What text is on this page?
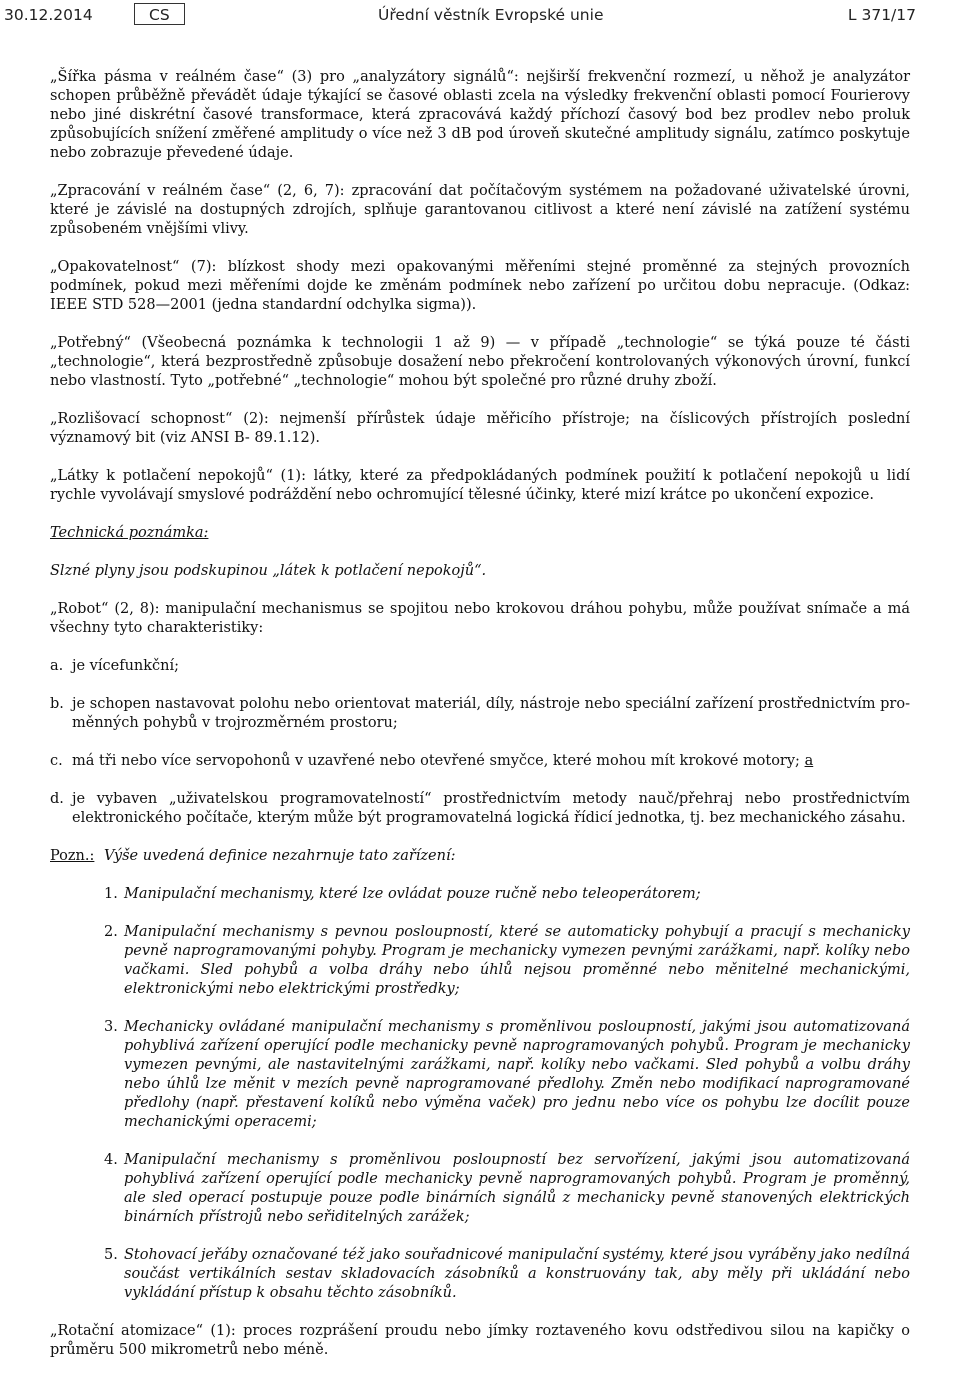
30.12.2014	CS	Úřední věstník Evropské unie	L 371/17

„Šířka pásma v reálném čase“ (3) pro „analyzátory signálů“: nejširší frekvenční rozmezí, u něhož je analyzátor schopen průběžně převádět údaje týkající se časové oblasti zcela na výsledky frekvenční oblasti pomocí Fourierovy nebo jiné diskrétní časové transformace, která zpracovává každý příchozí časový bod bez prodlev nebo proluk způsobujících snížení změřené amplitudy o více než 3 dB pod úroveň skutečné amplitudy signálu, zatímco poskytuje nebo zobrazuje převedené údaje.

„Zpracování v reálném čase“ (2, 6, 7): zpracování dat počítačovým systémem na požadované uživatelské úrovni, které je závislé na dostupných zdrojích, splňuje garantovanou citlivost a které není závislé na zatížení systému způsobeném vnějšími vlivy.

„Opakovatelnost“ (7): blízkost shody mezi opakovanými měřeními stejné proměnné za stejných provozních podmínek, pokud mezi měřeními dojde ke změnám podmínek nebo zařízení po určitou dobu nepracuje. (Odkaz: IEEE STD 528—2001 (jedna standardní odchylka sigma)).

„Potřebný“ (Všeobecná poznámka k technologii 1 až 9) — v případě „technologie“ se týká pouze té části „technologie“, která bezprostředně způsobuje dosažení nebo překročení kontrolovaných výkonových úrovní, funkcí nebo vlastností. Tyto „potřebné“ „technologie“ mohou být společné pro různé druhy zboží.

„Rozlišovací schopnost“ (2): nejmenší přírůstek údaje měřicího přístroje; na číslicových přístrojích poslední významový bit (viz ANSI B- 89.1.12).

„Látky k potlačení nepokojů“ (1): látky, které za předpokládaných podmínek použití k potlačení nepokojů u lidí rychle vyvolávají smyslové podráždění nebo ochromující tělesné účinky, které mizí krátce po ukončení expozice.

Technická poznámka:

Slzné plyny jsou podskupinou „látek k potlačení nepokojů“.

„Robot“ (2, 8): manipulační mechanismus se spojitou nebo krokovou dráhou pohybu, může používat snímače a má všechny tyto charakteristiky:

a. je vícefunkční;
b. je schopen nastavovat polohu nebo orientovat materiál, díly, nástroje nebo speciální zařízení prostřednictvím proměnných pohybů v trojrozměrném prostoru;
c. má tři nebo více servopohonů v uzavřené nebo otevřené smyčce, které mohou mít krokové motory; a
d. je vybaven „uživatelskou programovatelností“ prostřednictvím metody nauč/přehraj nebo prostřednictvím elektronického počítače, kterým může být programovatelná logická řídicí jednotka, tj. bez mechanického zásahu.
Pozn.: Výše uvedená definice nezahrnuje tato zařízení:
1. Manipulační mechanismy, které lze ovládat pouze ručně nebo teleoperátorem;
2. Manipulační mechanismy s pevnou posloupností, které se automaticky pohybují a pracují s mechanicky pevně naprogramovanými pohyby. Program je mechanicky vymezen pevnými zarážkami, např. kolíky nebo vačkami. Sled pohybů a volba dráhy nebo úhlů nejsou proměnné nebo měnitelné mechanickými, elektronickými nebo elektrickými prostředky;
3. Mechanicky ovládané manipulační mechanismy s proměnlivou posloupností, jakými jsou automatizovaná pohyblivá zařízení operující podle mechanicky pevně naprogramovaných pohybů. Program je mechanicky vymezen pevnými, ale nastavitelnými zarážkami, např. kolíky nebo vačkami. Sled pohybů a volbu dráhy nebo úhlů lze měnit v mezích pevně naprogramované předlohy. Změn nebo modifikací naprogramované předlohy (např. přestavení kolíků nebo výměna vaček) pro jednu nebo více os pohybu lze docílit pouze mechanickými operacemi;
4. Manipulační mechanismy s proměnlivou posloupností bez servořízení, jakými jsou automatizovaná pohyblivá zařízení operující podle mechanicky pevně naprogramovaných pohybů. Program je proměnný, ale sled operací postupuje pouze podle binárních signálů z mechanicky pevně stanovených elektrických binárních přístrojů nebo seřiditelných zarážek;
5. Stohovací jeřáby označované též jako souřadnicové manipulační systémy, které jsou vyráběny jako nedílná součást vertikálních sestav skladovacích zásobníků a konstruovány tak, aby měly při ukládání nebo vykládání přístup k obsahu těchto zásobníků.

„Rotační atomizace“ (1): proces rozprášení proudu nebo jímky roztaveného kovu odstředivou silou na kapičky o průměru 500 mikrometrů nebo méně.
